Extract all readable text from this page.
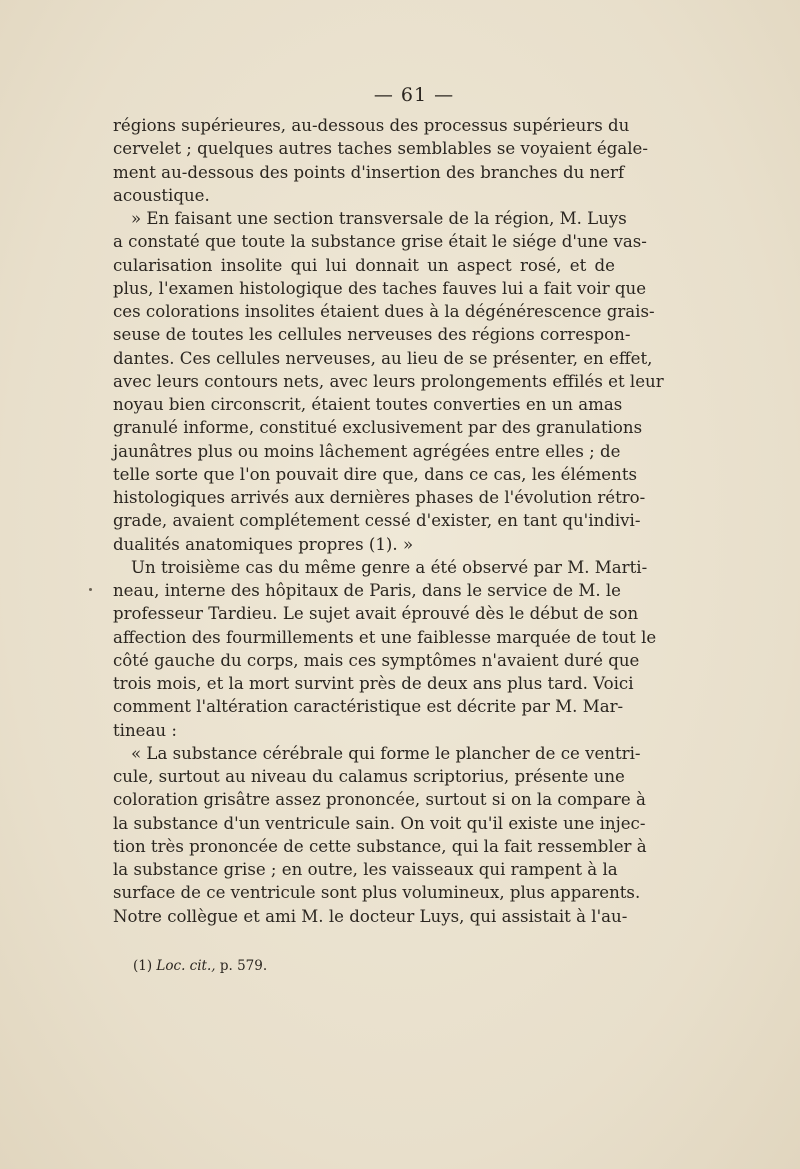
— 61 —
régions supérieures, au-dessous des processus supérieurs du
cervelet ; quelques autres taches semblables se voyaient égale-
ment au-dessous des points d'insertion des branches du nerf
acoustique.
» En faisant une section transversale de la région, M. Luys
a constaté que toute la substance grise était le siége d'une vas-
cularisation insolite qui lui donnait un aspect rosé, et de
plus, l'examen histologique des taches fauves lui a fait voir que
ces colorations insolites étaient dues à la dégénérescence grais-
seuse de toutes les cellules nerveuses des régions correspon-
dantes. Ces cellules nerveuses, au lieu de se présenter, en effet,
avec leurs contours nets, avec leurs prolongements effilés et leur
noyau bien circonscrit, étaient toutes converties en un amas
granulé informe, constitué exclusivement par des granulations
jaunâtres plus ou moins lâchement agrégées entre elles ; de
telle sorte que l'on pouvait dire que, dans ce cas, les éléments
histologiques arrivés aux dernières phases de l'évolution rétro-
grade, avaient complétement cessé d'exister, en tant qu'indivi-
dualités anatomiques propres (1). »
Un troisième cas du même genre a été observé par M. Marti-
neau, interne des hôpitaux de Paris, dans le service de M. le
professeur Tardieu. Le sujet avait éprouvé dès le début de son
affection des fourmillements et une faiblesse marquée de tout le
côté gauche du corps, mais ces symptômes n'avaient duré que
trois mois, et la mort survint près de deux ans plus tard. Voici
comment l'altération caractéristique est décrite par M. Mar-
tineau :
« La substance cérébrale qui forme le plancher de ce ventri-
cule, surtout au niveau du calamus scriptorius, présente une
coloration grisâtre assez prononcée, surtout si on la compare à
la substance d'un ventricule sain. On voit qu'il existe une injec-
tion très prononcée de cette substance, qui la fait ressembler à
la substance grise ; en outre, les vaisseaux qui rampent à la
surface de ce ventricule sont plus volumineux, plus apparents.
Notre collègue et ami M. le docteur Luys, qui assistait à l'au-
(1) Loc. cit., p. 579.
